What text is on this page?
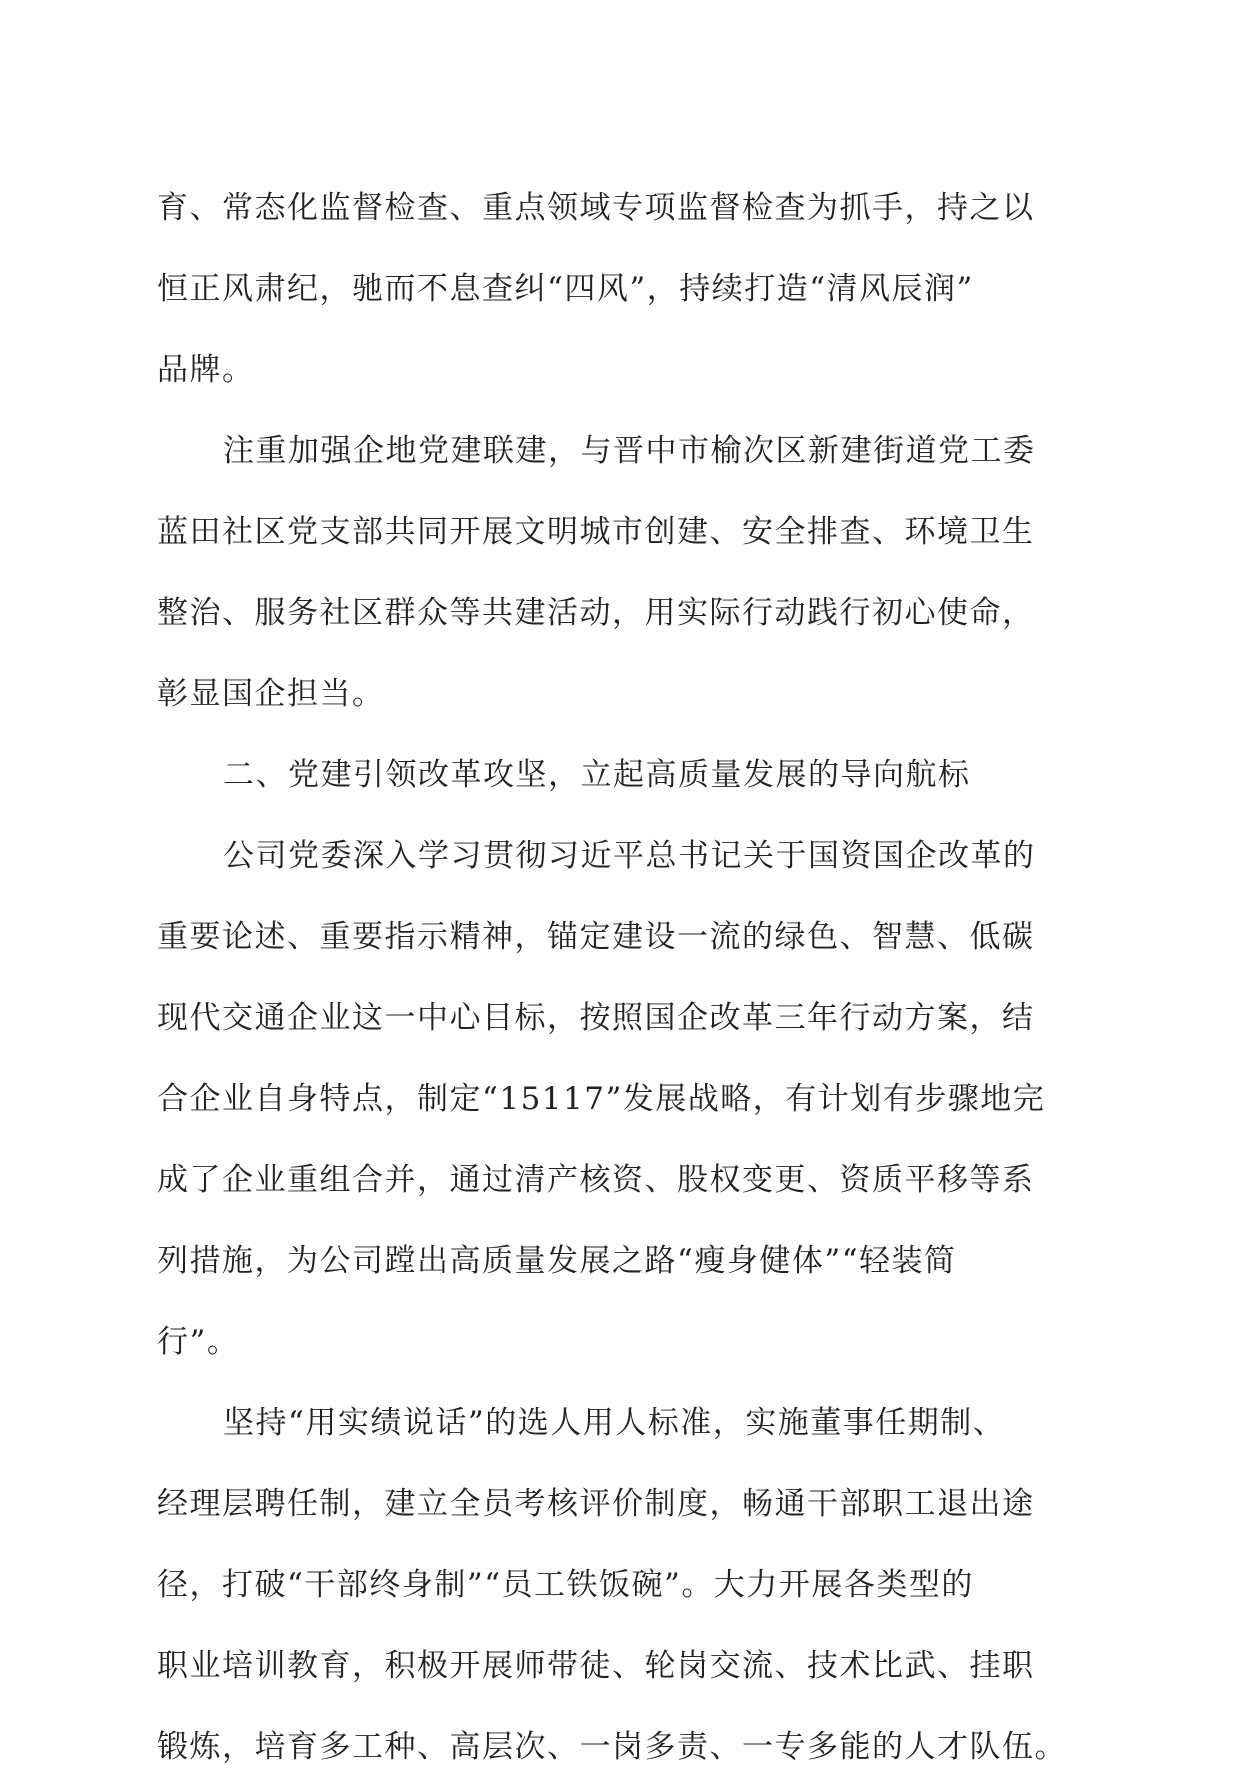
育、常态化监督检查、重点领域专项监督检查为抓手，持之以
恒正风肃纪，驰而不息查纠“四风”，持续打造“清风辰润”
品牌。
注重加强企地党建联建，与晋中市榆次区新建街道党工委
蓝田社区党支部共同开展文明城市创建、安全排查、环境卫生
整治、服务社区群众等共建活动，用实际行动践行初心使命，
彰显国企担当。
二、党建引领改革攻坚，立起高质量发展的导向航标
公司党委深入学习贯彻习近平总书记关于国资国企改革的
重要论述、重要指示精神，锚定建设一流的绿色、智慧、低碳
现代交通企业这一中心目标，按照国企改革三年行动方案，结
合企业自身特点，制定“15117”发展战略，有计划有步骤地完
成了企业重组合并，通过清产核资、股权变更、资质平移等系
列措施，为公司蹚出高质量发展之路“瘦身健体”“轻装简
行”。
坚持“用实绩说话”的选人用人标准，实施董事任期制、
经理层聘任制，建立全员考核评价制度，畅通干部职工退出途
径，打破“干部终身制”“员工铁饭碗”。大力开展各类型的
职业培训教育，积极开展师带徒、轮岗交流、技术比武、挂职
锻炼，培育多工种、高层次、一岗多责、一专多能的人才队伍。
